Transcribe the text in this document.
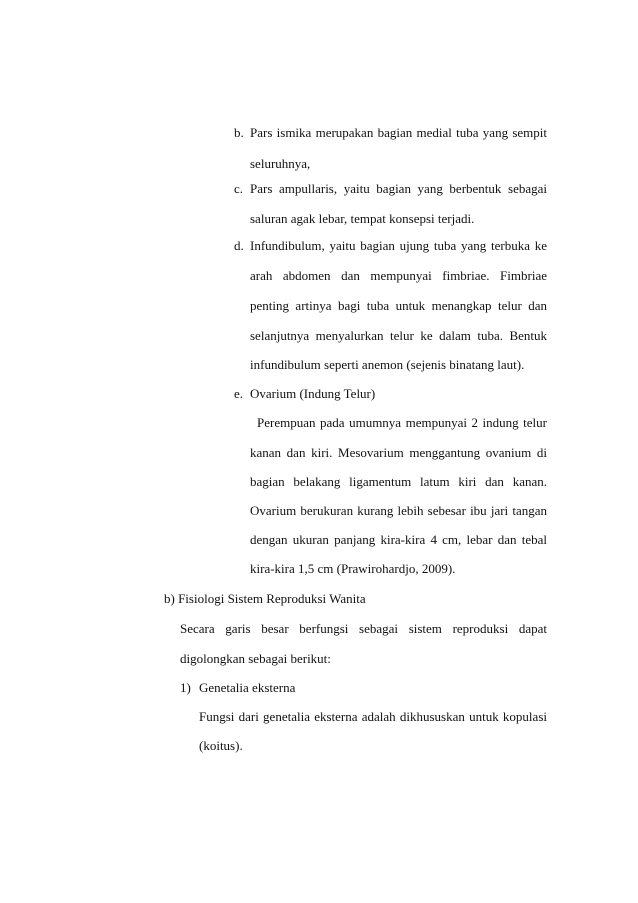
b. Pars ismika merupakan bagian medial tuba yang sempit
seluruhnya,
c. Pars ampullaris, yaitu bagian yang berbentuk sebagai
saluran agak lebar, tempat konsepsi terjadi.
d. Infundibulum, yaitu bagian ujung tuba yang terbuka ke
arah abdomen dan mempunyai fimbriae. Fimbriae
penting artinya bagi tuba untuk menangkap telur dan
selanjutnya menyalurkan telur ke dalam tuba. Bentuk
infundibulum seperti anemon (sejenis binatang laut).
e. Ovarium (Indung Telur)
Perempuan pada umumnya mempunyai 2 indung telur
kanan dan kiri. Mesovarium menggantung ovanium di
bagian belakang ligamentum latum kiri dan kanan.
Ovarium berukuran kurang lebih sebesar ibu jari tangan
dengan ukuran panjang kira-kira 4 cm, lebar dan tebal
kira-kira 1,5 cm (Prawirohardjo, 2009).
b) Fisiologi Sistem Reproduksi Wanita
Secara garis besar berfungsi sebagai sistem reproduksi dapat
digolongkan sebagai berikut:
1) Genetalia eksterna
Fungsi dari genetalia eksterna adalah dikhususkan untuk kopulasi
(koitus).
